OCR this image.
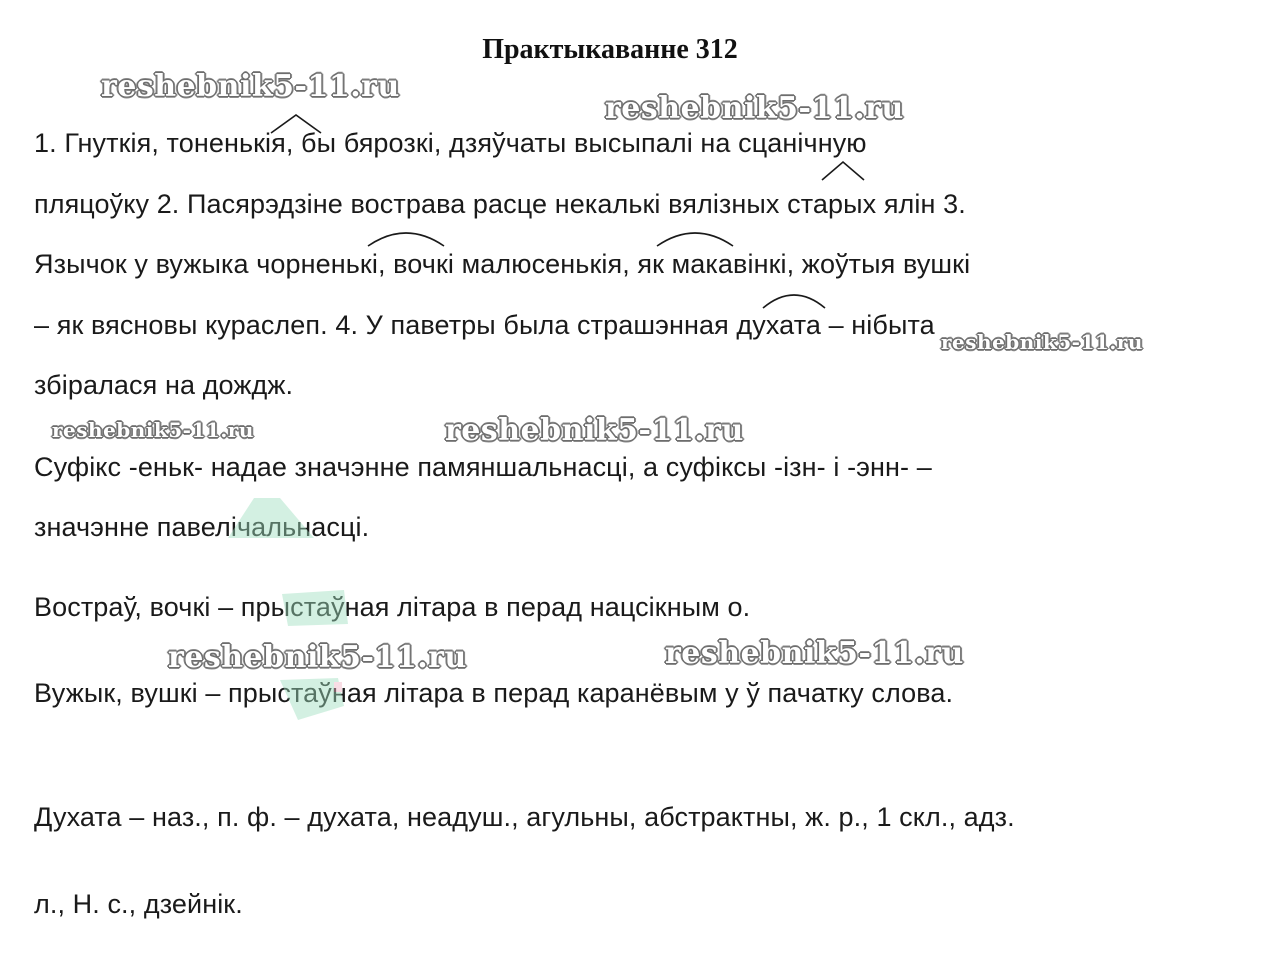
Практыкаванне 312

1. Гнуткія, тоненькія, бы бярозкі, дзяўчаты высыпалі на сцанічную

пляцоўку 2. Пасярэдзіне вострава расце некалькі вялізных старых ялін 3.

Язычок у вужыка чорненькі, вочкі малюсенькія, як макавінкі, жоўтыя вушкі

– як вясновы кураслеп. 4. У паветры была страшэнная духата – нібыта

збіралася на дождж.

Суфікс -еньк- надае значэнне памяншальнасці, а суфіксы -ізн- і -энн- –

значэнне павелічальнасці.

Востраў, вочкі – прыстаўная літара в перад нацсікным о.

Вужык, вушкі – прыстаўная літара в перад каранёвым у ў пачатку слова.

Духата – наз., п. ф. – духата, неадуш., агульны, абстрактны, ж. р., 1 скл., адз.

л., Н. с., дзейнік.

reshebnik5-11.ru
reshebnik5-11.ru
reshebnik5-11.ru
reshebnik5-11.ru	reshebnik5-11.ru
reshebnik5-11.ru	reshebnik5-11.ru
